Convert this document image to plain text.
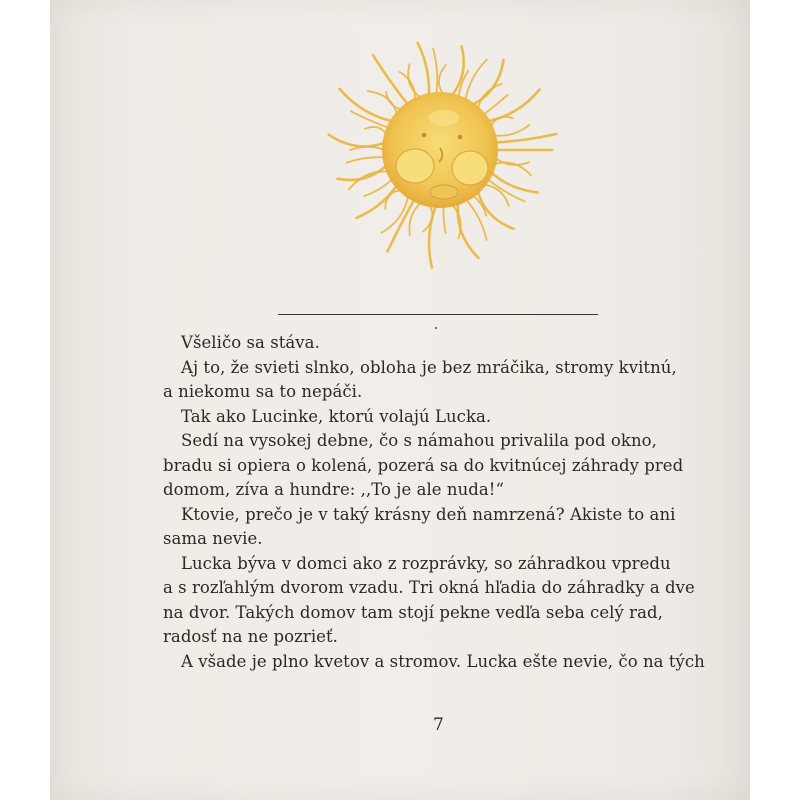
Všeličo sa stáva.
Aj to, že svieti slnko, obloha je bez mráčika, stromy kvitnú,
a niekomu sa to nepáči.
Tak ako Lucinke, ktorú volajú Lucka.
Sedí na vysokej debne, čo s námahou privalila pod okno,
bradu si opiera o kolená, pozerá sa do kvitnúcej záhrady pred
domom, zíva a hundre: ,,To je ale nuda!“
Ktovie, prečo je v taký krásny deň namrzená? Akiste to ani
sama nevie.
Lucka býva v domci ako z rozprávky, so záhradkou vpredu
a s rozľahlým dvorom vzadu. Tri okná hľadia do záhradky a dve
na dvor. Takých domov tam stojí pekne vedľa seba celý rad,
radosť na ne pozrieť.
A všade je plno kvetov a stromov. Lucka ešte nevie, čo na tých
7
